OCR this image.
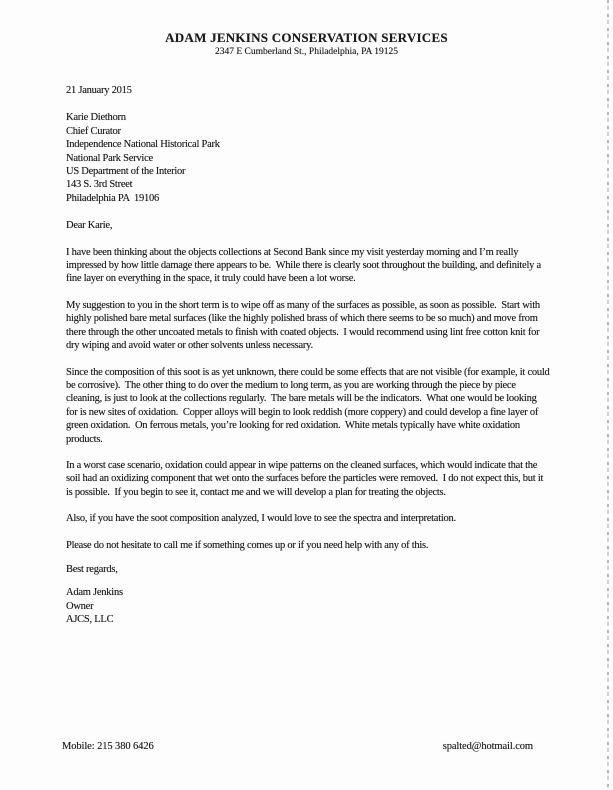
ADAM JENKINS CONSERVATION SERVICES
2347 E Cumberland St., Philadelphia, PA 19125
21 January 2015
Karie Diethorn
Chief Curator
Independence National Historical Park
National Park Service
US Department of the Interior
143 S. 3rd Street
Philadelphia PA  19106
Dear Karie,

I have been thinking about the objects collections at Second Bank since my visit yesterday morning and I’m really impressed by how little damage there appears to be.  While there is clearly soot throughout the building, and definitely a fine layer on everything in the space, it truly could have been a lot worse.

My suggestion to you in the short term is to wipe off as many of the surfaces as possible, as soon as possible.  Start with highly polished bare metal surfaces (like the highly polished brass of which there seems to be so much) and move from there through the other uncoated metals to finish with coated objects.  I would recommend using lint free cotton knit for dry wiping and avoid water or other solvents unless necessary.

Since the composition of this soot is as yet unknown, there could be some effects that are not visible (for example, it could be corrosive).  The other thing to do over the medium to long term, as you are working through the piece by piece cleaning, is just to look at the collections regularly.  The bare metals will be the indicators.  What one would be looking for is new sites of oxidation.  Copper alloys will begin to look reddish (more coppery) and could develop a fine layer of green oxidation.  On ferrous metals, you’re looking for red oxidation.  White metals typically have white oxidation products.

In a worst case scenario, oxidation could appear in wipe patterns on the cleaned surfaces, which would indicate that the soil had an oxidizing component that wet onto the surfaces before the particles were removed.  I do not expect this, but it is possible.  If you begin to see it, contact me and we will develop a plan for treating the objects.

Also, if you have the soot composition analyzed, I would love to see the spectra and interpretation.

Please do not hesitate to call me if something comes up or if you need help with any of this.

Best regards,
Adam Jenkins
Owner
AJCS, LLC
Mobile: 215 380 6426	spalted@hotmail.com
